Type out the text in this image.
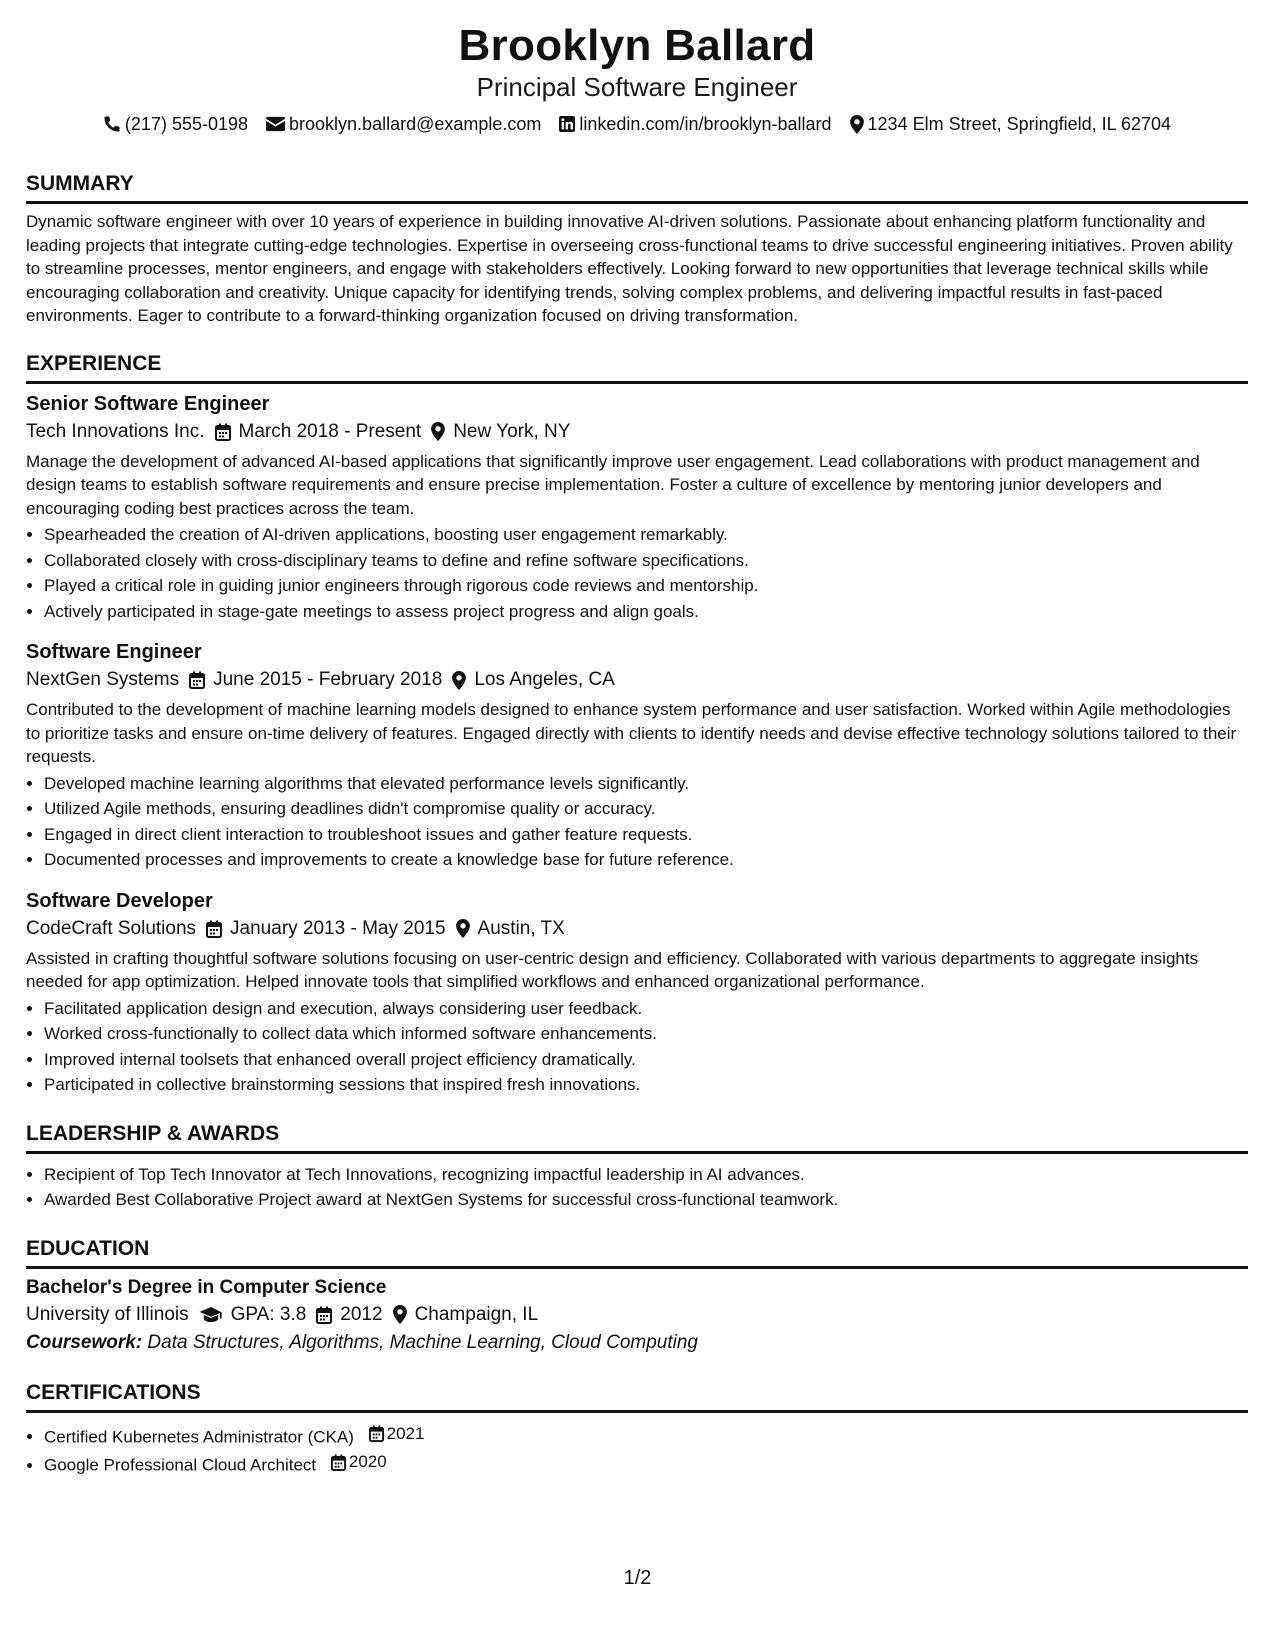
Brooklyn Ballard
Principal Software Engineer
(217) 555-0198 brooklyn.ballard@example.com linkedin.com/in/brooklyn-ballard 1234 Elm Street, Springfield, IL 62704
SUMMARY

Dynamic software engineer with over 10 years of experience in building innovative AI-driven solutions. Passionate about enhancing platform functionality and leading projects that integrate cutting-edge technologies. Expertise in overseeing cross-functional teams to drive successful engineering initiatives. Proven ability to streamline processes, mentor engineers, and engage with stakeholders effectively. Looking forward to new opportunities that leverage technical skills while encouraging collaboration and creativity. Unique capacity for identifying trends, solving complex problems, and delivering impactful results in fast-paced environments. Eager to contribute to a forward-thinking organization focused on driving transformation.

EXPERIENCE
Senior Software Engineer
Tech Innovations Inc. March 2018 - Present New York, NY

Manage the development of advanced AI-based applications that significantly improve user engagement. Lead collaborations with product management and design teams to establish software requirements and ensure precise implementation. Foster a culture of excellence by mentoring junior developers and encouraging coding best practices across the team.

• Spearheaded the creation of AI-driven applications, boosting user engagement remarkably.
• Collaborated closely with cross-disciplinary teams to define and refine software specifications.
• Played a critical role in guiding junior engineers through rigorous code reviews and mentorship.
• Actively participated in stage-gate meetings to assess project progress and align goals.
Software Engineer
NextGen Systems June 2015 - February 2018 Los Angeles, CA

Contributed to the development of machine learning models designed to enhance system performance and user satisfaction. Worked within Agile methodologies to prioritize tasks and ensure on-time delivery of features. Engaged directly with clients to identify needs and devise effective technology solutions tailored to their requests.

• Developed machine learning algorithms that elevated performance levels significantly.
• Utilized Agile methods, ensuring deadlines didn't compromise quality or accuracy.
• Engaged in direct client interaction to troubleshoot issues and gather feature requests.
• Documented processes and improvements to create a knowledge base for future reference.
Software Developer
CodeCraft Solutions January 2013 - May 2015 Austin, TX

Assisted in crafting thoughtful software solutions focusing on user-centric design and efficiency. Collaborated with various departments to aggregate insights needed for app optimization. Helped innovate tools that simplified workflows and enhanced organizational performance.

• Facilitated application design and execution, always considering user feedback.
• Worked cross-functionally to collect data which informed software enhancements.
• Improved internal toolsets that enhanced overall project efficiency dramatically.
• Participated in collective brainstorming sessions that inspired fresh innovations.
LEADERSHIP & AWARDS
• Recipient of Top Tech Innovator at Tech Innovations, recognizing impactful leadership in AI advances.
• Awarded Best Collaborative Project award at NextGen Systems for successful cross-functional teamwork.
EDUCATION
Bachelor's Degree in Computer Science
University of Illinois GPA: 3.8 2012 Champaign, IL
Coursework: Data Structures, Algorithms, Machine Learning, Cloud Computing
CERTIFICATIONS
• Certified Kubernetes Administrator (CKA) 2021
• Google Professional Cloud Architect 2020
1/2
